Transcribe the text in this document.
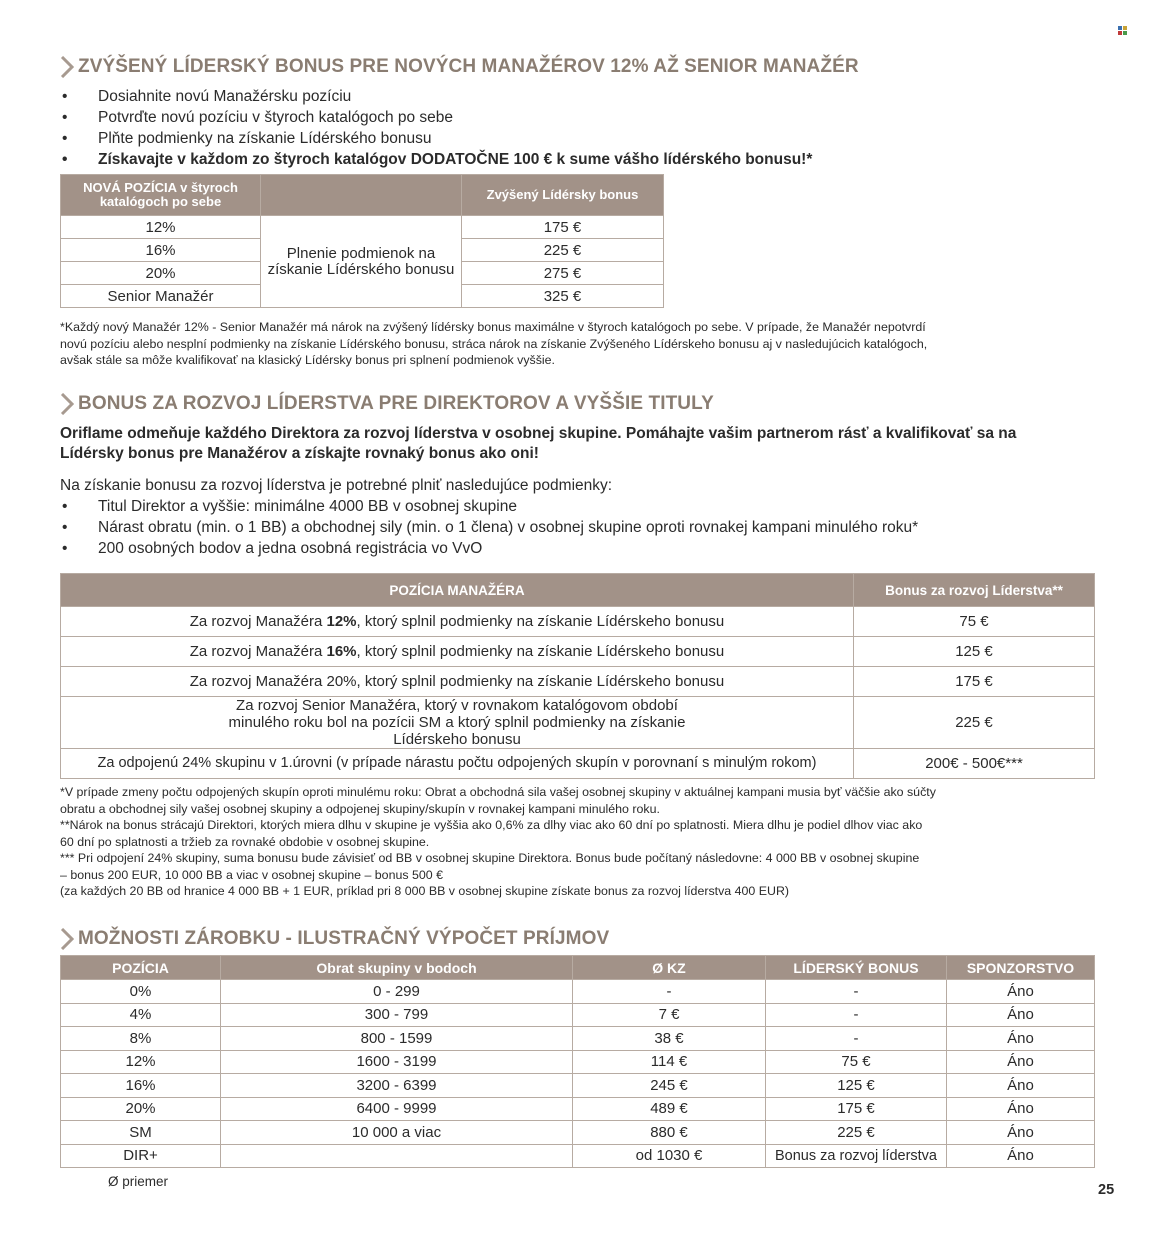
ZVÝŠENÝ LÍDERSKÝ BONUS PRE NOVÝCH MANAŽÉROV 12% AŽ SENIOR MANAŽÉR
• Dosiahnite novú Manažérsku pozíciu
• Potvrďte novú pozíciu v štyroch katalógoch po sebe
• Plňte podmienky na získanie Lídérského bonusu
• Získavajte v každom zo štyroch katalógov DODATOČNE 100 € k sume vášho lídérského bonusu!*
NOVÁ POZÍCIA v štyroch katalógoch po sebe		Zvýšený Lídérsky bonus
12%	Plnenie podmienok na získanie Lídérského bonusu	175 €
16%		225 €
20%		275 €
Senior Manažér		325 €
*Každý nový Manažér 12% - Senior Manažér má nárok na zvýšený lídérsky bonus maximálne v štyroch katalógoch po sebe. V prípade, že Manažér nepotvrdí
novú pozíciu alebo nesplní podmienky na získanie Lídérského bonusu, stráca nárok na získanie Zvýšeného Lídérskeho bonusu aj v nasledujúcich katalógoch,
avšak stále sa môže kvalifikovať na klasický Lídérsky bonus pri splnení podmienok vyššie.
BONUS ZA ROZVOJ LÍDERSTVA PRE DIREKTOROV A VYŠŠIE TITULY

Oriflame odmeňuje každého Direktora za rozvoj líderstva v osobnej skupine. Pomáhajte vašim partnerom rásť a kvalifikovať sa na

Lídérsky bonus pre Manažérov a získajte rovnaký bonus ako oni!

Na získanie bonusu za rozvoj líderstva je potrebné plniť nasledujúce podmienky:

• Titul Direktor a vyššie: minimálne 4000 BB v osobnej skupine
• Nárast obratu (min. o 1 BB) a obchodnej sily (min. o 1 člena) v osobnej skupine oproti rovnakej kampani minulého roku*
• 200 osobných bodov a jedna osobná registrácia vo VvO
POZÍCIA MANAŽÉRA	Bonus za rozvoj Líderstva**
Za rozvoj Manažéra 12%, ktorý splnil podmienky na získanie Lídérskeho bonusu	75 €
Za rozvoj Manažéra 16%, ktorý splnil podmienky na získanie Lídérskeho bonusu	125 €
Za rozvoj Manažéra 20%, ktorý splnil podmienky na získanie Lídérskeho bonusu	175 €
Za rozvoj Senior Manažéra, ktorý v rovnakom katalógovom období minulého roku bol na pozícii SM a ktorý splnil podmienky na získanie Lídérskeho bonusu	225 €
Za odpojenú 24% skupinu v 1.úrovni (v prípade nárastu počtu odpojených skupín v porovnaní s minulým rokom)	200€ - 500€***
*V prípade zmeny počtu odpojených skupín oproti minulému roku: Obrat a obchodná sila vašej osobnej skupiny v aktuálnej kampani musia byť väčšie ako súčty
obratu a obchodnej sily vašej osobnej skupiny a odpojenej skupiny/skupín v rovnakej kampani minulého roku.
**Nárok na bonus strácajú Direktori, ktorých miera dlhu v skupine je vyššia ako 0,6% za dlhy viac ako 60 dní po splatnosti. Miera dlhu je podiel dlhov viac ako
60 dní po splatnosti a tržieb za rovnaké obdobie v osobnej skupine.
*** Pri odpojení 24% skupiny, suma bonusu bude závisieť od BB v osobnej skupine Direktora. Bonus bude počítaný následovne: 4 000 BB v osobnej skupine
– bonus 200 EUR, 10 000 BB a viac v osobnej skupine – bonus 500 €
(za každých 20 BB od hranice 4 000 BB + 1 EUR, príklad pri 8 000 BB v osobnej skupine získate bonus za rozvoj líderstva 400 EUR)
MOŽNOSTI ZÁROBKU - ILUSTRAČNÝ VÝPOČET PRÍJMOV
POZÍCIA	Obrat skupiny v bodoch	Ø KZ	LÍDERSKÝ BONUS	SPONZORSTVO
0%	0 - 299	-	-	Áno
4%	300 - 799	7 €	-	Áno
8%	800 - 1599	38 €	-	Áno
12%	1600 - 3199	114 €	75 €	Áno
16%	3200 - 6399	245 €	125 €	Áno
20%	6400 - 9999	489 €	175 €	Áno
SM	10 000 a viac	880 €	225 €	Áno
DIR+		od 1030 €	Bonus za rozvoj líderstva	Áno
Ø priemer
25
